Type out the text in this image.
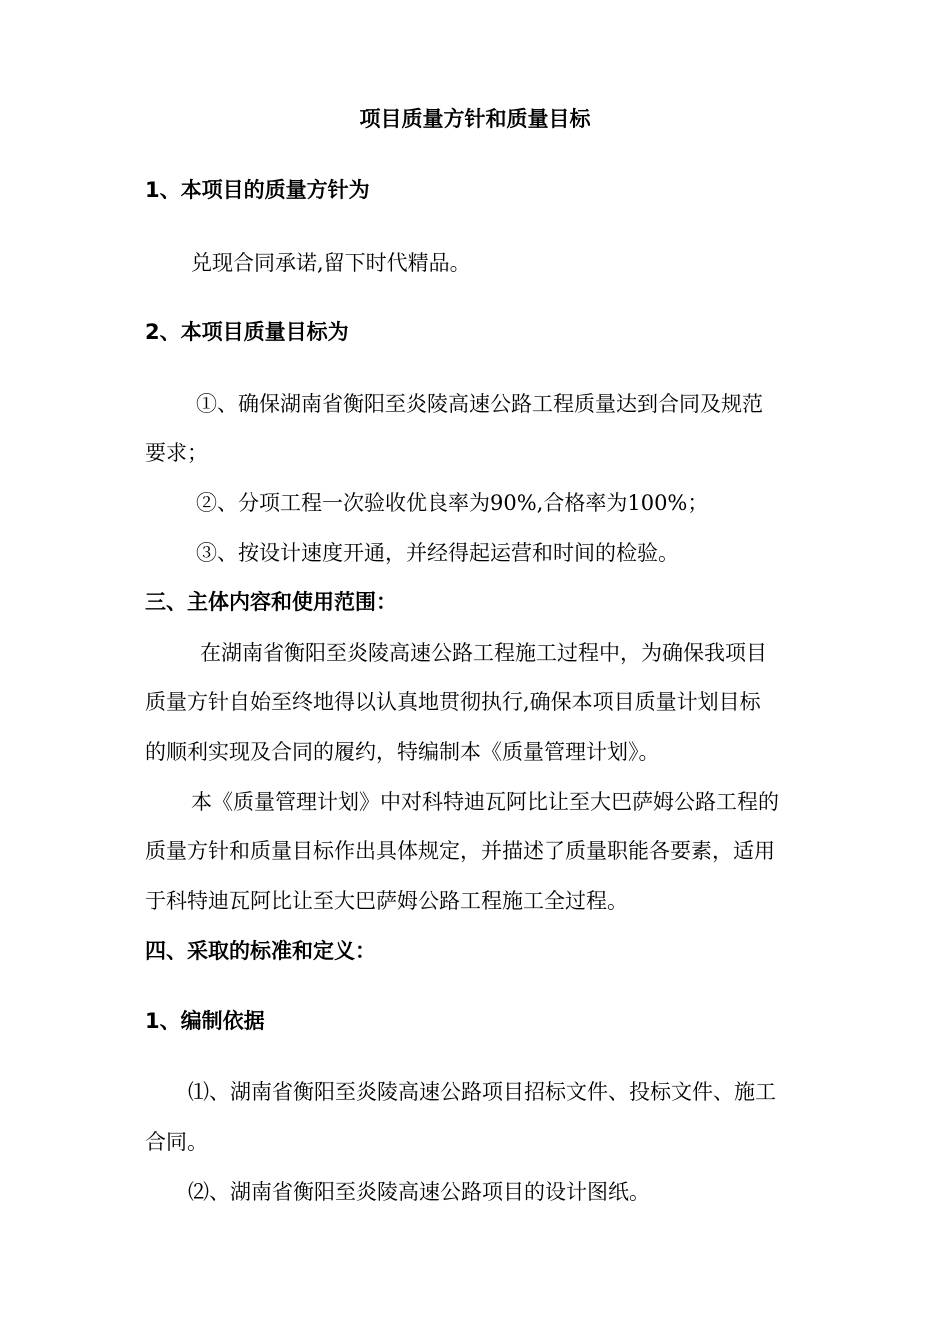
项目质量方针和质量目标
1、本项目的质量方针为
兑现合同承诺,留下时代精品。
2、本项目质量目标为
①、确保湖南省衡阳至炎陵高速公路工程质量达到合同及规范
要求；
②、分项工程一次验收优良率为90%,合格率为100%；
③、按设计速度开通，并经得起运营和时间的检验。
三、主体内容和使用范围：
在湖南省衡阳至炎陵高速公路工程施工过程中，为确保我项目
质量方针自始至终地得以认真地贯彻执行,确保本项目质量计划目标
的顺利实现及合同的履约，特编制本《质量管理计划》。
本《质量管理计划》中对科特迪瓦阿比让至大巴萨姆公路工程的
质量方针和质量目标作出具体规定，并描述了质量职能各要素，适用
于科特迪瓦阿比让至大巴萨姆公路工程施工全过程。
四、采取的标准和定义：
1、编制依据
⑴、湖南省衡阳至炎陵高速公路项目招标文件、投标文件、施工
合同。
⑵、湖南省衡阳至炎陵高速公路项目的设计图纸。
